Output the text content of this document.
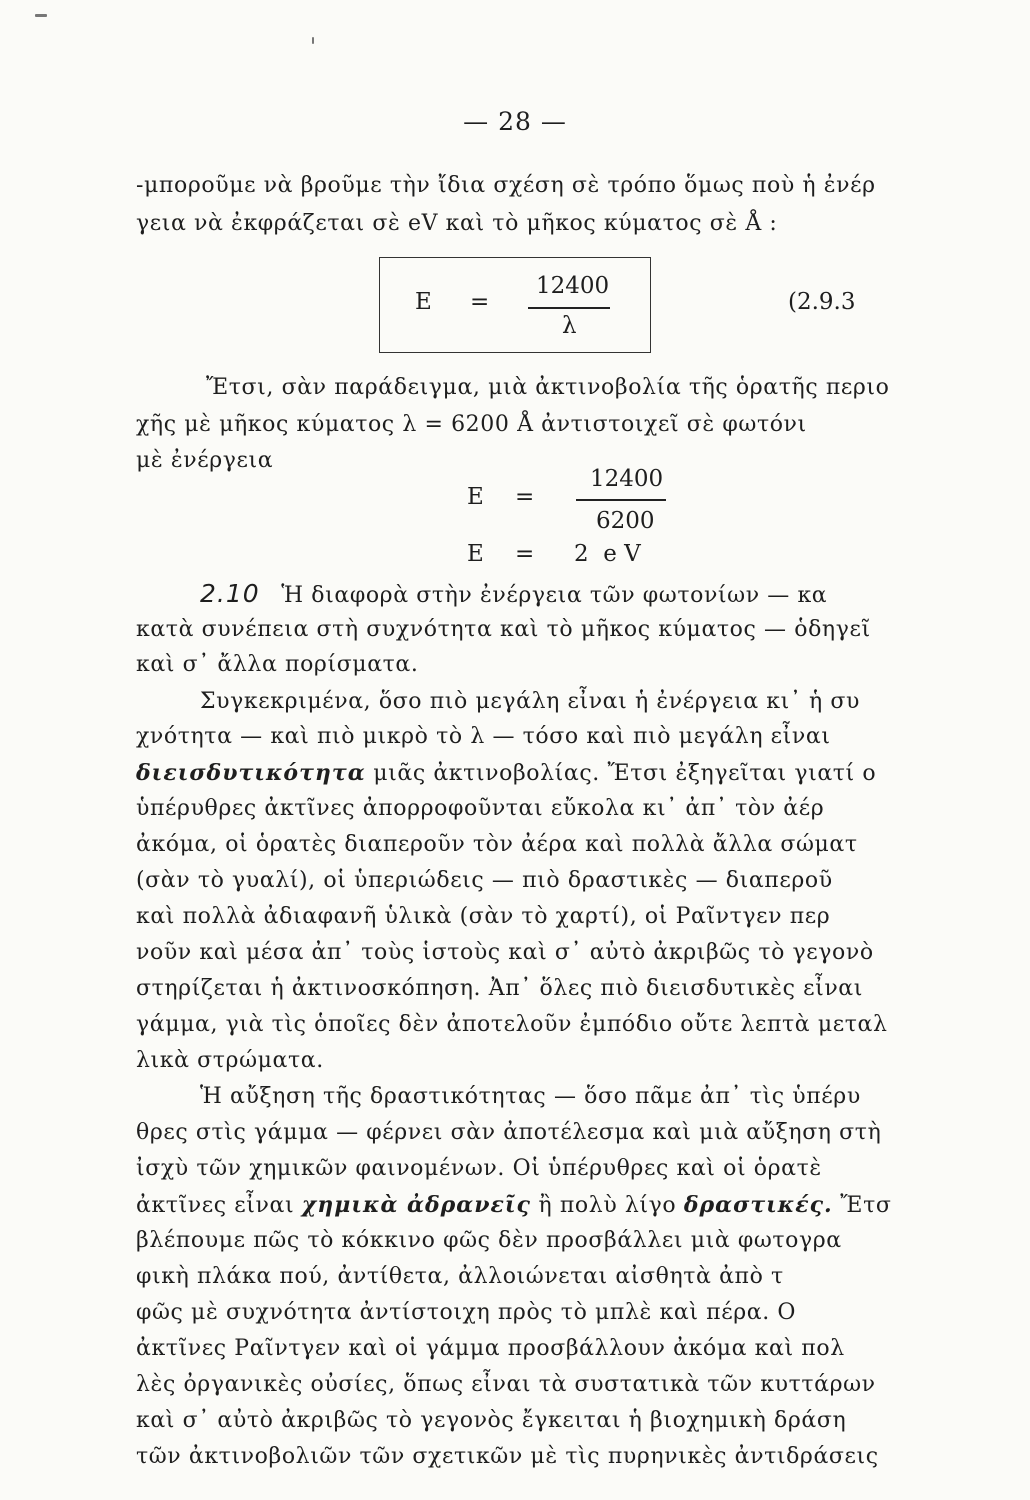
— 28 —
-μποροῦμε νὰ βροῦμε τὴν ἴδια σχέση σὲ τρόπο ὅμως ποὺ ἡ ἐνέρ
γεια νὰ ἐκφράζεται σὲ eV καὶ τὸ μῆκος κύματος σὲ Å :
E =
12400
λ
(2.9.3
Ἔτσι, σὰν παράδειγμα, μιὰ ἀκτινοβολία τῆς ὁρατῆς περιο
χῆς μὲ μῆκος κύματος λ = 6200 Å ἀντιστοιχεῖ σὲ φωτόνι
μὲ ἐνέργεια
E =
12400
6200
E = 2  e V
2.10 Ἡ διαφορὰ στὴν ἐνέργεια τῶν φωτονίων — κα
κατὰ συνέπεια στὴ συχνότητα καὶ τὸ μῆκος κύματος — ὁδηγεῖ
καὶ σ᾽ ἄλλα πορίσματα.
Συγκεκριμένα, ὅσο πιὸ μεγάλη εἶναι ἡ ἐνέργεια κι᾽ ἡ συ
χνότητα — καὶ πιὸ μικρὸ τὸ λ — τόσο καὶ πιὸ μεγάλη εἶναι
διεισδυτικότητα μιᾶς ἀκτινοβολίας. Ἔτσι ἐξηγεῖται γιατί ο
ὑπέρυθρες ἀκτῖνες ἀπορροφοῦνται εὔκολα κι᾽ ἀπ᾽ τὸν ἀέρ
ἀκόμα, οἱ ὁρατὲς διαπεροῦν τὸν ἀέρα καὶ πολλὰ ἄλλα σώματ
(σὰν τὸ γυαλί), οἱ ὑπεριώδεις — πιὸ δραστικὲς — διαπεροῦ
καὶ πολλὰ ἀδιαφανῆ ὑλικὰ (σὰν τὸ χαρτί), οἱ Ραῖντγεν περ
νοῦν καὶ μέσα ἀπ᾽ τοὺς ἱστοὺς καὶ σ᾽ αὐτὸ ἀκριβῶς τὸ γεγονὸ
στηρίζεται ἡ ἀκτινοσκόπηση. Ἀπ᾽ ὅλες πιὸ διεισδυτικὲς εἶναι
γάμμα, γιὰ τὶς ὁποῖες δὲν ἀποτελοῦν ἐμπόδιο οὔτε λεπτὰ μεταλ
λικὰ στρώματα.
Ἡ αὔξηση τῆς δραστικότητας — ὅσο πᾶμε ἀπ᾽ τὶς ὑπέρυ
θρες στὶς γάμμα — φέρνει σὰν ἀποτέλεσμα καὶ μιὰ αὔξηση στὴ
ἰσχὺ τῶν χημικῶν φαινομένων. Οἱ ὑπέρυθρες καὶ οἱ ὁρατὲ
ἀκτῖνες εἶναι χημικὰ ἀδρανεῖς ἢ πολὺ λίγο δραστικές. Ἔτσ
βλέπουμε πῶς τὸ κόκκινο φῶς δὲν προσβάλλει μιὰ φωτογρα
φικὴ πλάκα πού, ἀντίθετα, ἀλλοιώνεται αἰσθητὰ ἀπὸ τ
φῶς μὲ συχνότητα ἀντίστοιχη πρὸς τὸ μπλὲ καὶ πέρα. Ο
ἀκτῖνες Ραῖντγεν καὶ οἱ γάμμα προσβάλλουν ἀκόμα καὶ πολ
λὲς ὀργανικὲς οὐσίες, ὅπως εἶναι τὰ συστατικὰ τῶν κυττάρων
καὶ σ᾽ αὐτὸ ἀκριβῶς τὸ γεγονὸς ἔγκειται ἡ βιοχημικὴ δράση
τῶν ἀκτινοβολιῶν τῶν σχετικῶν μὲ τὶς πυρηνικὲς ἀντιδράσεις
